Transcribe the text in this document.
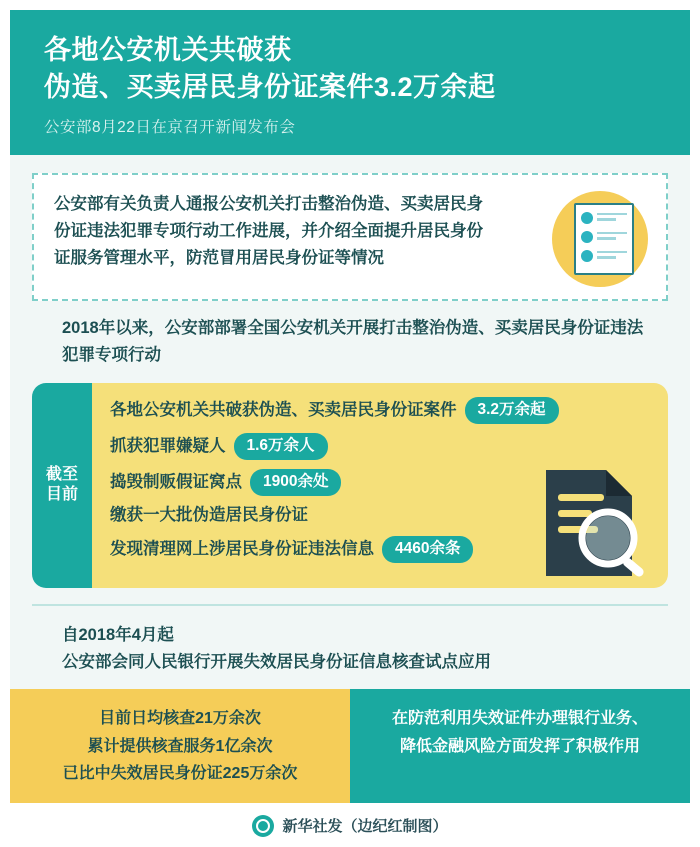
各地公安机关共破获
伪造、买卖居民身份证案件3.2万余起
公安部8月22日在京召开新闻发布会
公安部有关负责人通报公安机关打击整治伪造、买卖居民身份证违法犯罪专项行动工作进展，并介绍全面提升居民身份证服务管理水平，防范冒用居民身份证等情况
2018年以来，公安部部署全国公安机关开展打击整治伪造、买卖居民身份证违法犯罪专项行动
截至
目前
各地公安机关共破获伪造、买卖居民身份证案件	3.2万余起
抓获犯罪嫌疑人	1.6万余人
捣毁制贩假证窝点	1900余处
缴获一大批伪造居民身份证
发现清理网上涉居民身份证违法信息	4460余条
自2018年4月起
公安部会同人民银行开展失效居民身份证信息核查试点应用
目前日均核查21万余次
累计提供核查服务1亿余次
已比中失效居民身份证225万余次
在防范利用失效证件办理银行业务、
降低金融风险方面发挥了积极作用
新华社发（边纪红制图）
